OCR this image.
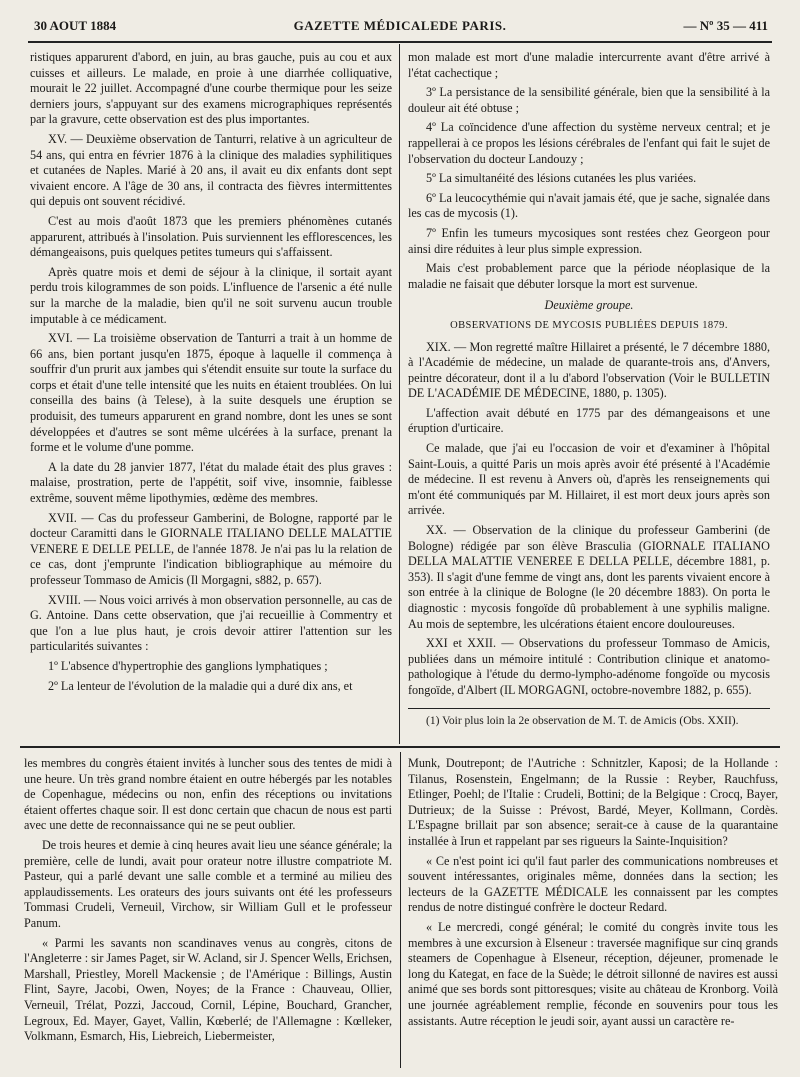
30 AOUT 1884	GAZETTE MÉDICALEDE PARIS.	— Nº 35 — 411

ristiques apparurent d'abord, en juin, au bras gauche, puis au cou et aux cuisses et ailleurs. Le malade, en proie à une diarrhée colliquative, mourait le 22 juillet. Accompagné d'une courbe thermique pour les seize derniers jours, s'appuyant sur des examens micrographiques représentés par la gravure, cette observation est des plus importantes.

XV. — Deuxième observation de Tanturri, relative à un agriculteur de 54 ans, qui entra en février 1876 à la clinique des maladies syphilitiques et cutanées de Naples. Marié à 20 ans, il avait eu dix enfants dont sept vivaient encore. A l'âge de 30 ans, il contracta des fièvres intermittentes qui depuis ont souvent récidivé.

C'est au mois d'août 1873 que les premiers phénomènes cutanés apparurent, attribués à l'insolation. Puis surviennent les efflorescences, les démangeaisons, puis quelques petites tumeurs qui s'affaissent.

Après quatre mois et demi de séjour à la clinique, il sortait ayant perdu trois kilogrammes de son poids. L'influence de l'arsenic a été nulle sur la marche de la maladie, bien qu'il ne soit survenu aucun trouble imputable à ce médicament.

XVI. — La troisième observation de Tanturri a trait à un homme de 66 ans, bien portant jusqu'en 1875, époque à laquelle il commença à souffrir d'un prurit aux jambes qui s'étendit ensuite sur toute la surface du corps et était d'une telle intensité que les nuits en étaient troublées. On lui conseilla des bains (à Telese), à la suite desquels une éruption se produisit, des tumeurs apparurent en grand nombre, dont les unes se sont développées et d'autres se sont même ulcérées à la surface, prenant la forme et le volume d'une pomme.

A la date du 28 janvier 1877, l'état du malade était des plus graves : malaise, prostration, perte de l'appétit, soif vive, insomnie, faiblesse extrême, souvent même lipothymies, œdème des membres.

XVII. — Cas du professeur Gamberini, de Bologne, rapporté par le docteur Caramitti dans le GIORNALE ITALIANO DELLE MALATTIE VENERE E DELLE PELLE, de l'année 1878. Je n'ai pas lu la relation de ce cas, dont j'emprunte l'indication bibliographique au mémoire du professeur Tommaso de Amicis (Il Morgagni, s882, p. 657).

XVIII. — Nous voici arrivés à mon observation personnelle, au cas de G. Antoine. Dans cette observation, que j'ai recueillie à Commentry et que l'on a lue plus haut, je crois devoir attirer l'attention sur les particularités suivantes :

1º L'absence d'hypertrophie des ganglions lymphatiques ;

2º La lenteur de l'évolution de la maladie qui a duré dix ans, et

mon malade est mort d'une maladie intercurrente avant d'être arrivé à l'état cachectique ;

3º La persistance de la sensibilité générale, bien que la sensibilité à la douleur ait été obtuse ;

4º La coïncidence d'une affection du système nerveux central; et je rappellerai à ce propos les lésions cérébrales de l'enfant qui fait le sujet de l'observation du docteur Landouzy ;

5º La simultanéité des lésions cutanées les plus variées.

6º La leucocythémie qui n'avait jamais été, que je sache, signalée dans les cas de mycosis (1).

7º Enfin les tumeurs mycosiques sont restées chez Georgeon pour ainsi dire réduites à leur plus simple expression.

Mais c'est probablement parce que la période néoplasique de la maladie ne faisait que débuter lorsque la mort est survenue.

Deuxième groupe.

OBSERVATIONS DE MYCOSIS PUBLIÉES DEPUIS 1879.

XIX. — Mon regretté maître Hillairet a présenté, le 7 décembre 1880, à l'Académie de médecine, un malade de quarante-trois ans, d'Anvers, peintre décorateur, dont il a lu d'abord l'observation (Voir le BULLETIN DE L'ACADÉMIE DE MÉDECINE, 1880, p. 1305).

L'affection avait débuté en 1775 par des démangeaisons et une éruption d'urticaire.

Ce malade, que j'ai eu l'occasion de voir et d'examiner à l'hôpital Saint-Louis, a quitté Paris un mois après avoir été présenté à l'Académie de médecine. Il est revenu à Anvers où, d'après les renseignements qui m'ont été communiqués par M. Hillairet, il est mort deux jours après son arrivée.

XX. — Observation de la clinique du professeur Gamberini (de Bologne) rédigée par son élève Brasculia (GIORNALE ITALIANO DELLA MALATTIE VENEREE E DELLA PELLE, décembre 1881, p. 353). Il s'agit d'une femme de vingt ans, dont les parents vivaient encore à son entrée à la clinique de Bologne (le 20 décembre 1883). On porta le diagnostic : mycosis fongoïde dû probablement à une syphilis maligne. Au mois de septembre, les ulcérations étaient encore douloureuses.

XXI et XXII. — Observations du professeur Tommaso de Amicis, publiées dans un mémoire intitulé : Contribution clinique et anatomo-pathologique à l'étude du dermo-lympho-adénome fongoïde ou mycosis fongoïde, d'Albert (IL MORGAGNI, octobre-novembre 1882, p. 655).

(1) Voir plus loin la 2e observation de M. T. de Amicis (Obs. XXII).

les membres du congrès étaient invités à luncher sous des tentes de midi à une heure. Un très grand nombre étaient en outre hébergés par les notables de Copenhague, médecins ou non, enfin des réceptions ou invitations étaient offertes chaque soir. Il est donc certain que chacun de nous est parti avec une dette de reconnaissance qui ne se peut oublier.

De trois heures et demie à cinq heures avait lieu une séance générale; la première, celle de lundi, avait pour orateur notre illustre compatriote M. Pasteur, qui a parlé devant une salle comble et a terminé au milieu des applaudissements. Les orateurs des jours suivants ont été les professeurs Tommasi Crudeli, Verneuil, Virchow, sir William Gull et le professeur Panum.

« Parmi les savants non scandinaves venus au congrès, citons de l'Angleterre : sir James Paget, sir W. Acland, sir J. Spencer Wells, Erichsen, Marshall, Priestley, Morell Mackensie ; de l'Amérique : Billings, Austin Flint, Sayre, Jacobi, Owen, Noyes; de la France : Chauveau, Ollier, Verneuil, Trélat, Pozzi, Jaccoud, Cornil, Lépine, Bouchard, Grancher, Legroux, Ed. Mayer, Gayet, Vallin, Kœberlé; de l'Allemagne : Kœlleker, Volkmann, Esmarch, His, Liebreich, Liebermeister,

Munk, Doutrepont; de l'Autriche : Schnitzler, Kaposi; de la Hollande : Tilanus, Rosenstein, Engelmann; de la Russie : Reyber, Rauchfuss, Etlinger, Poehl; de l'Italie : Crudeli, Bottini; de la Belgique : Crocq, Bayer, Dutrieux; de la Suisse : Prévost, Bardé, Meyer, Kollmann, Cordès. L'Espagne brillait par son absence; serait-ce à cause de la quarantaine installée à Irun et rappelant par ses rigueurs la Sainte-Inquisition?

« Ce n'est point ici qu'il faut parler des communications nombreuses et souvent intéressantes, originales même, données dans la section; les lecteurs de la GAZETTE MÉDICALE les connaissent par les comptes rendus de notre distingué confrère le docteur Redard.

« Le mercredi, congé général; le comité du congrès invite tous les membres à une excursion à Elseneur : traversée magnifique sur cinq grands steamers de Copenhague à Elseneur, réception, déjeuner, promenade le long du Kategat, en face de la Suède; le détroit sillonné de navires est aussi animé que ses bords sont pittoresques; visite au château de Kronborg. Voilà une journée agréablement remplie, féconde en souvenirs pour tous les assistants. Autre réception le jeudi soir, ayant aussi un caractère re-
